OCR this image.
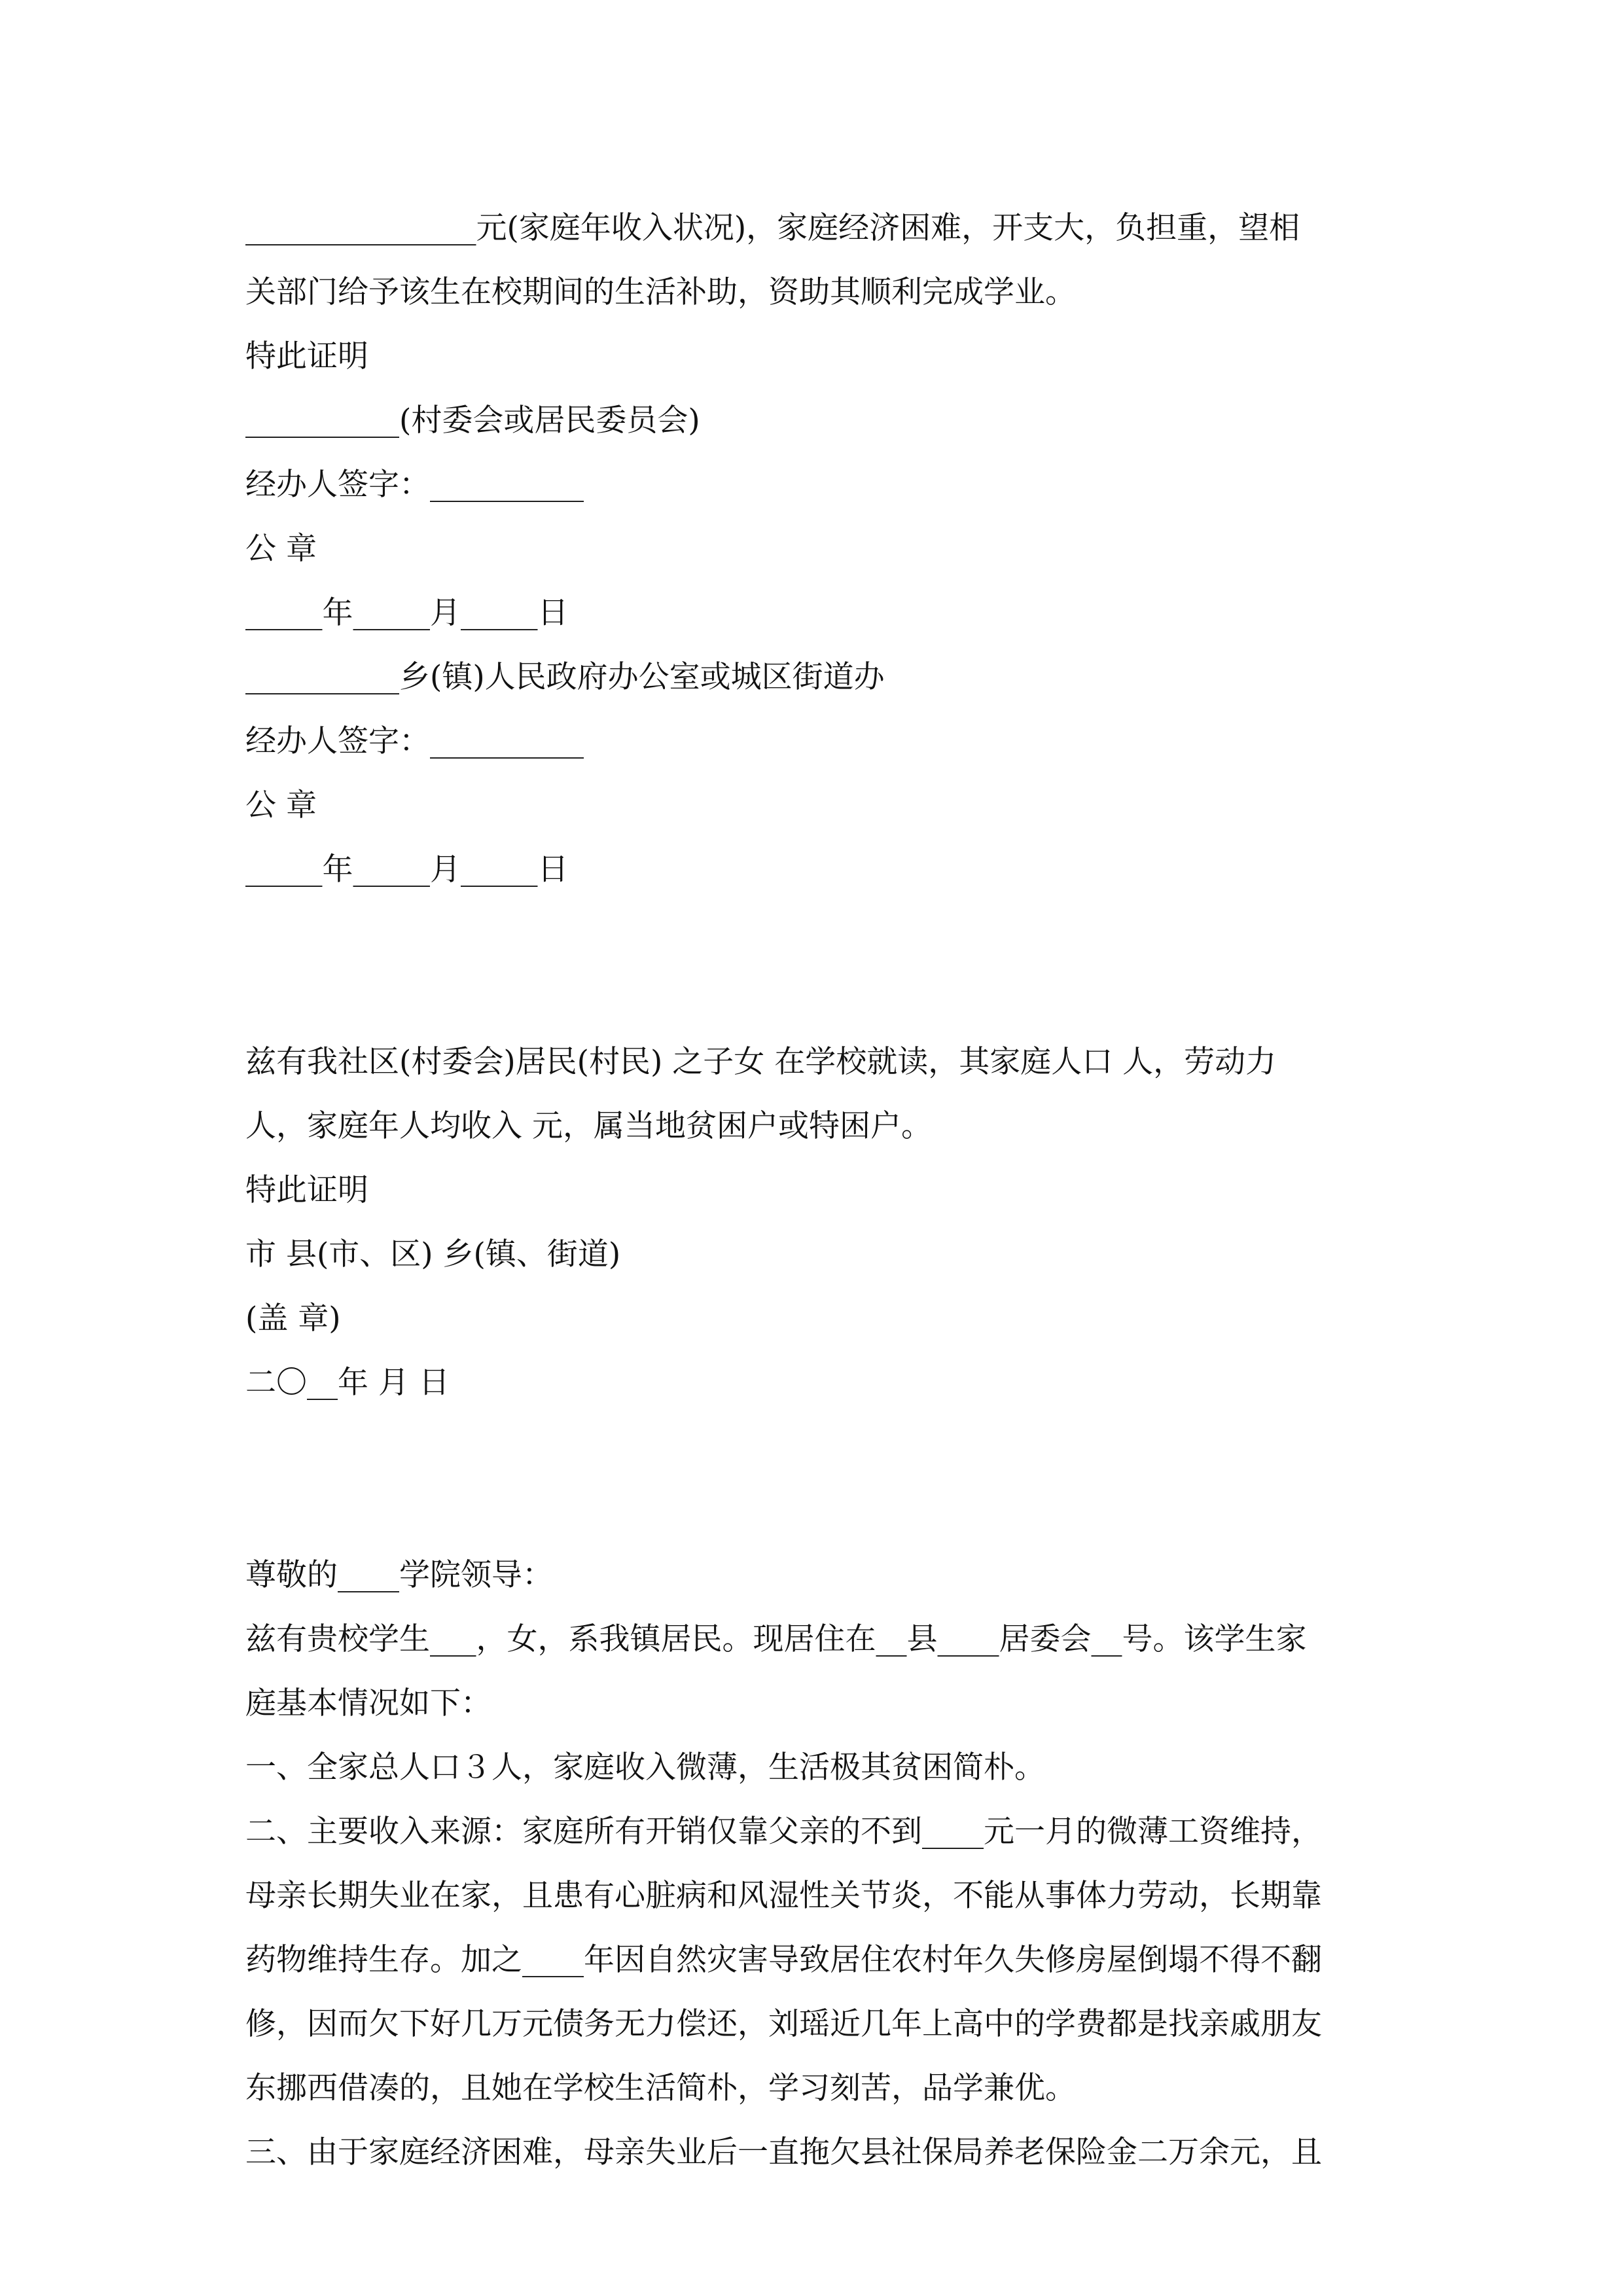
_______________元(家庭年收入状况)，家庭经济困难，开支大，负担重，望相
关部门给予该生在校期间的生活补助，资助其顺利完成学业。
特此证明
__________(村委会或居民委员会)
经办人签字：__________
公 章
_____年_____月_____日
__________乡(镇)人民政府办公室或城区街道办
经办人签字：__________
公 章
_____年_____月_____日
兹有我社区(村委会)居民(村民) 之子女 在学校就读，其家庭人口 人，劳动力
人，家庭年人均收入 元，属当地贫困户或特困户。
特此证明
市 县(市、区) 乡(镇、街道)
(盖 章)
二〇__年 月 日
尊敬的____学院领导：
兹有贵校学生___，女，系我镇居民。现居住在__县____居委会__号。该学生家
庭基本情况如下：
一、全家总人口３人，家庭收入微薄，生活极其贫困简朴。
二、主要收入来源：家庭所有开销仅靠父亲的不到____元一月的微薄工资维持，
母亲长期失业在家，且患有心脏病和风湿性关节炎，不能从事体力劳动，长期靠
药物维持生存。加之____年因自然灾害导致居住农村年久失修房屋倒塌不得不翻
修，因而欠下好几万元债务无力偿还，刘瑶近几年上高中的学费都是找亲戚朋友
东挪西借凑的，且她在学校生活简朴，学习刻苦，品学兼优。
三、由于家庭经济困难，母亲失业后一直拖欠县社保局养老保险金二万余元，且
